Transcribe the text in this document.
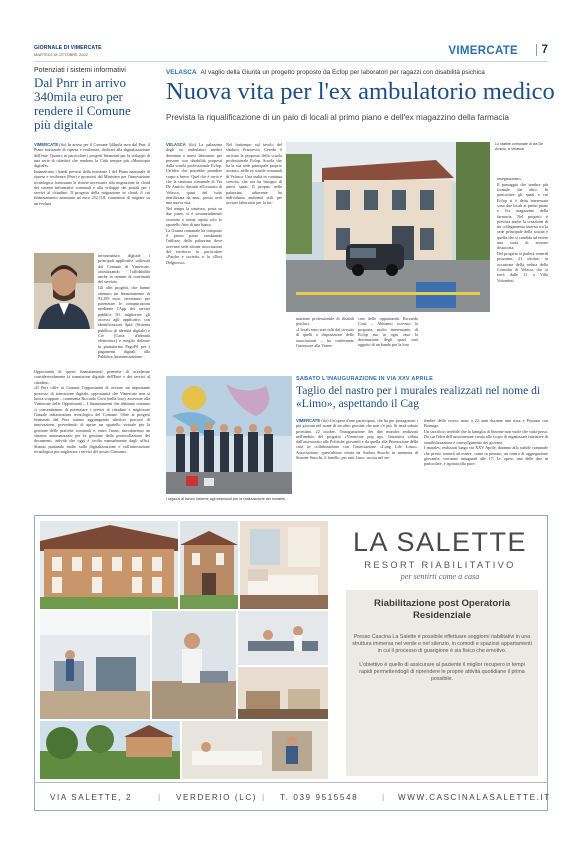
GIORNALE DI VIMERCATE
MARTEDÌ 18 OTTOBRE 2022	VIMERCATE	7
Potenziati i sistemi informativi
Dal Pnrr in arrivo 340mila euro per rendere il Comune più digitale

VIMERCATE (tlo) In arrivo per il Comune 344mila euro dal Pnrr, il Piano nazionale di ripresa e resilienza, dedicati alla digitalizzazione dell'ente. Quattro in particolare i progetti finanziati per lo sviluppo di una serie di obiettivi che rendono la Città sempre più «Municipio digitale».

Innanzitutto i bandi previsti dalla missione 1 del Piano nazionale di ripresa e resilienza (Pnrr) e promossi dal Ministero per l'innovazione tecnologica forniranno le risorse necessarie alla migrazione in cloud dei sistemi informativi comunali e alla sviluppo dei portali per i servizi al cittadino. Il progetto della migrazione in cloud, il cui finanziamento ammonta ad euro 252.118, consentirà di migrare su un'evoluta

infrastruttura digitale i principali applicativi utilizzati dal Comune di Vimercate, ottimizzando l'affidabilità anche in termini di continuità del servizio.

Gli altri progetti, che hanno ottenuto un finanziamento di 92.295 euro, serviranno per potenziare le comunicazioni mediante l'App dei servizi pubblici IO, migliorare gli accessi agli applicativi con identificazioni Spid (Sistema pubblico di identità digitale) e Cie (Carta d'identità elettronica) e meglio definire la piattaforma PagoPA per i pagamenti digitali alla Pubblica Amministrazione.

Opportunità di questi finanziamenti permette di accelerare considerevolmente la transizione digitale dell'Ente e dei servizi al cittadino.

«Il Pnrr offre ai Comuni l'opportunità di avviare un importante processo di transizione digitale, opportunità che Vimercate non si lascia scappare – commenta Riccardo Corti (nella foto), assessore alla Vimercate delle Opportunità – I finanziamenti che abbiamo ottenuto ci consentiranno di potenziare i servizi al cittadino e migliorare l'attuale infrastruttura tecnologica del Comune. Oltre ai progetti finanziati dal Pnrr stiamo aggiungendo ulteriori percorsi di innovazione, prevedendo di aprire un sportello virtuale per la gestione delle pratiche comunali e, entro l'anno, introdurremo un sistema automatizzato per la gestione della protocollazione dei documenti, attività che oggi è svolta manualmente dagli uffici. Stiamo puntando molto sulla digitalizzazione e sull'innovazione tecnologica per migliorare i servizi del nostro Comune».

VELASCA Al vaglio della Giunta un progetto proposto da Ecfop per laboratori per ragazzi con disabilità psichica
Nuova vita per l'ex ambulatorio medico
Prevista la riqualificazione di un paio di locali al primo piano e dell'ex magazzino della farmacia

VELASCA (tlo) La palazzina degli ex ambulatori medici destinata a nuovi laboratori per persone con disabilità proposti dalla scuola professionale Ecfop. Un'idea che potrebbe prendere corpo a breve. Quel che è certo è che la struttura comunale di Via De Amicis, davanti all'oratorio di Velasca, quasi del tutto inutilizzata da anni, presto avrà una nuova vita.

Nel tempo la struttura, posta su due piani, si è sostanzialmente svuotata e ormai ospita solo lo sportello Atm di una banca.

La Giunta comunale ha compiuto il primo passo cambiando l'utilizzo della palazzina dove avevano sede alcune associazioni del territorio in particolare «Paiche e società» e la «Dori Delgrosso».

Nel frattempo sul tavolo del sindaco Francesco Cereda è arrivata la proposta della scuola professionale Ecfop. Scuola che ha la sua sede principale proprio accanto, nelle ex scuole comunali di Velasca. Una realtà in continua crescita, che ora ha bisogno di nuovi spazi. Il proprio nella palazzina adiacente ha individuato ambienti utili per avviare laboratori per la for-

Lo stabile comunale di via De Amicis, a Velasca

assegnazione».

Il passaggio che sembra più formale che altro. In particolare gli spazi a cui Ecfop si è detta interessata sono due locali al primo piano e l'ex magazzino della farmacia. Nel progetto è prevista anche la creazione di un collegamento interno tra la sede principale della scuola e quella che si candida ad essere una sorta di sezione distaccata.

Del progetto si parlerà venerdì prossimo, 21 ottobre, in occasione della seduta della Consulta di Velasca che si terrà dalle 21 a Villa Volontieri.

mazione professionale di disabili psichici.

«I locali sono stati tolti dal circuito di quelli a disposizione delle associazioni – ha confermato l'assessore alla Vimer-

cate delle opportunità, Riccardo Corti – Abbiamo ricevuto la proposta, molto interessante, di Ecfop ma in ogni caso la destinazione degli spazi sarà oggetto di un bando per la loro

I ragazzi al lavoro insieme agli assessori per la realizzazione dei murales
SABATO L'INAUGURAZIONE IN VIA XXV APRILE
Taglio del nastro per i murales realizzati nel nome di «Limo», aspettando il Cag

VIMERCATE (tlo) Un'opera d'arte partecipata, che ha per protagonisti i più giovani nel nome di un altro giovane che non c'è più. Si terrà sabato prossimo, 22 ottobre, l'inaugurazione dei due murales realizzati nell'ambito del progetto «Vimercate pop up». Iniziativa voluta dall'assessorato alle Politiche giovanili e da quella alla Promozione della città in collaborazione con l'associazione «Long Life Limo». Associazione, quest'ultima creata da Andrea Stucchi in memoria di Simone Stucchi, il fratello, per tutti Limo, uccisa nel set-

tembre dello scorso anno a 22 anni durante una rissa a Pessano con Bornago.

Un sacrificio terribile che la famiglia di Simone non vuole che vada perso. Da cui l'idea dell'associazione creata allo scopo di organizzare iniziative di sensibilizzazione e coinvolgimento dei giovani.

I murales, realizzati lungo via XXV Aprile, daranno allo stabile comunale che presto tornerà ad essere, come in passato, un centro di aggregazione giovanile, verranno inaugurati alle 17. Le opere, una delle due in particolare, è ispirata alla pace.

LA SALETTE
RESORT RIABILITATIVO
per sentirti come a casa
Riabilitazione post Operatoria Residenziale

Presso Cascina La Salette è possibile effettuare soggiorni riabilitativi in una struttura immersa nel verde e nel silenzio, in comodi e spaziosi appartamenti in cui il processo di guarigione è sia fisico che emotivo.

L'obiettivo è quello di assicurare al paziente il miglior recupero in tempi rapidi permettendogli di riprendere le proprie attività quotidiane il prima possibile.

VIA SALETTE, 2	| VERDERIO (LC) | T. 039 9515548	| WWW.CASCINALASALETTE.IT
